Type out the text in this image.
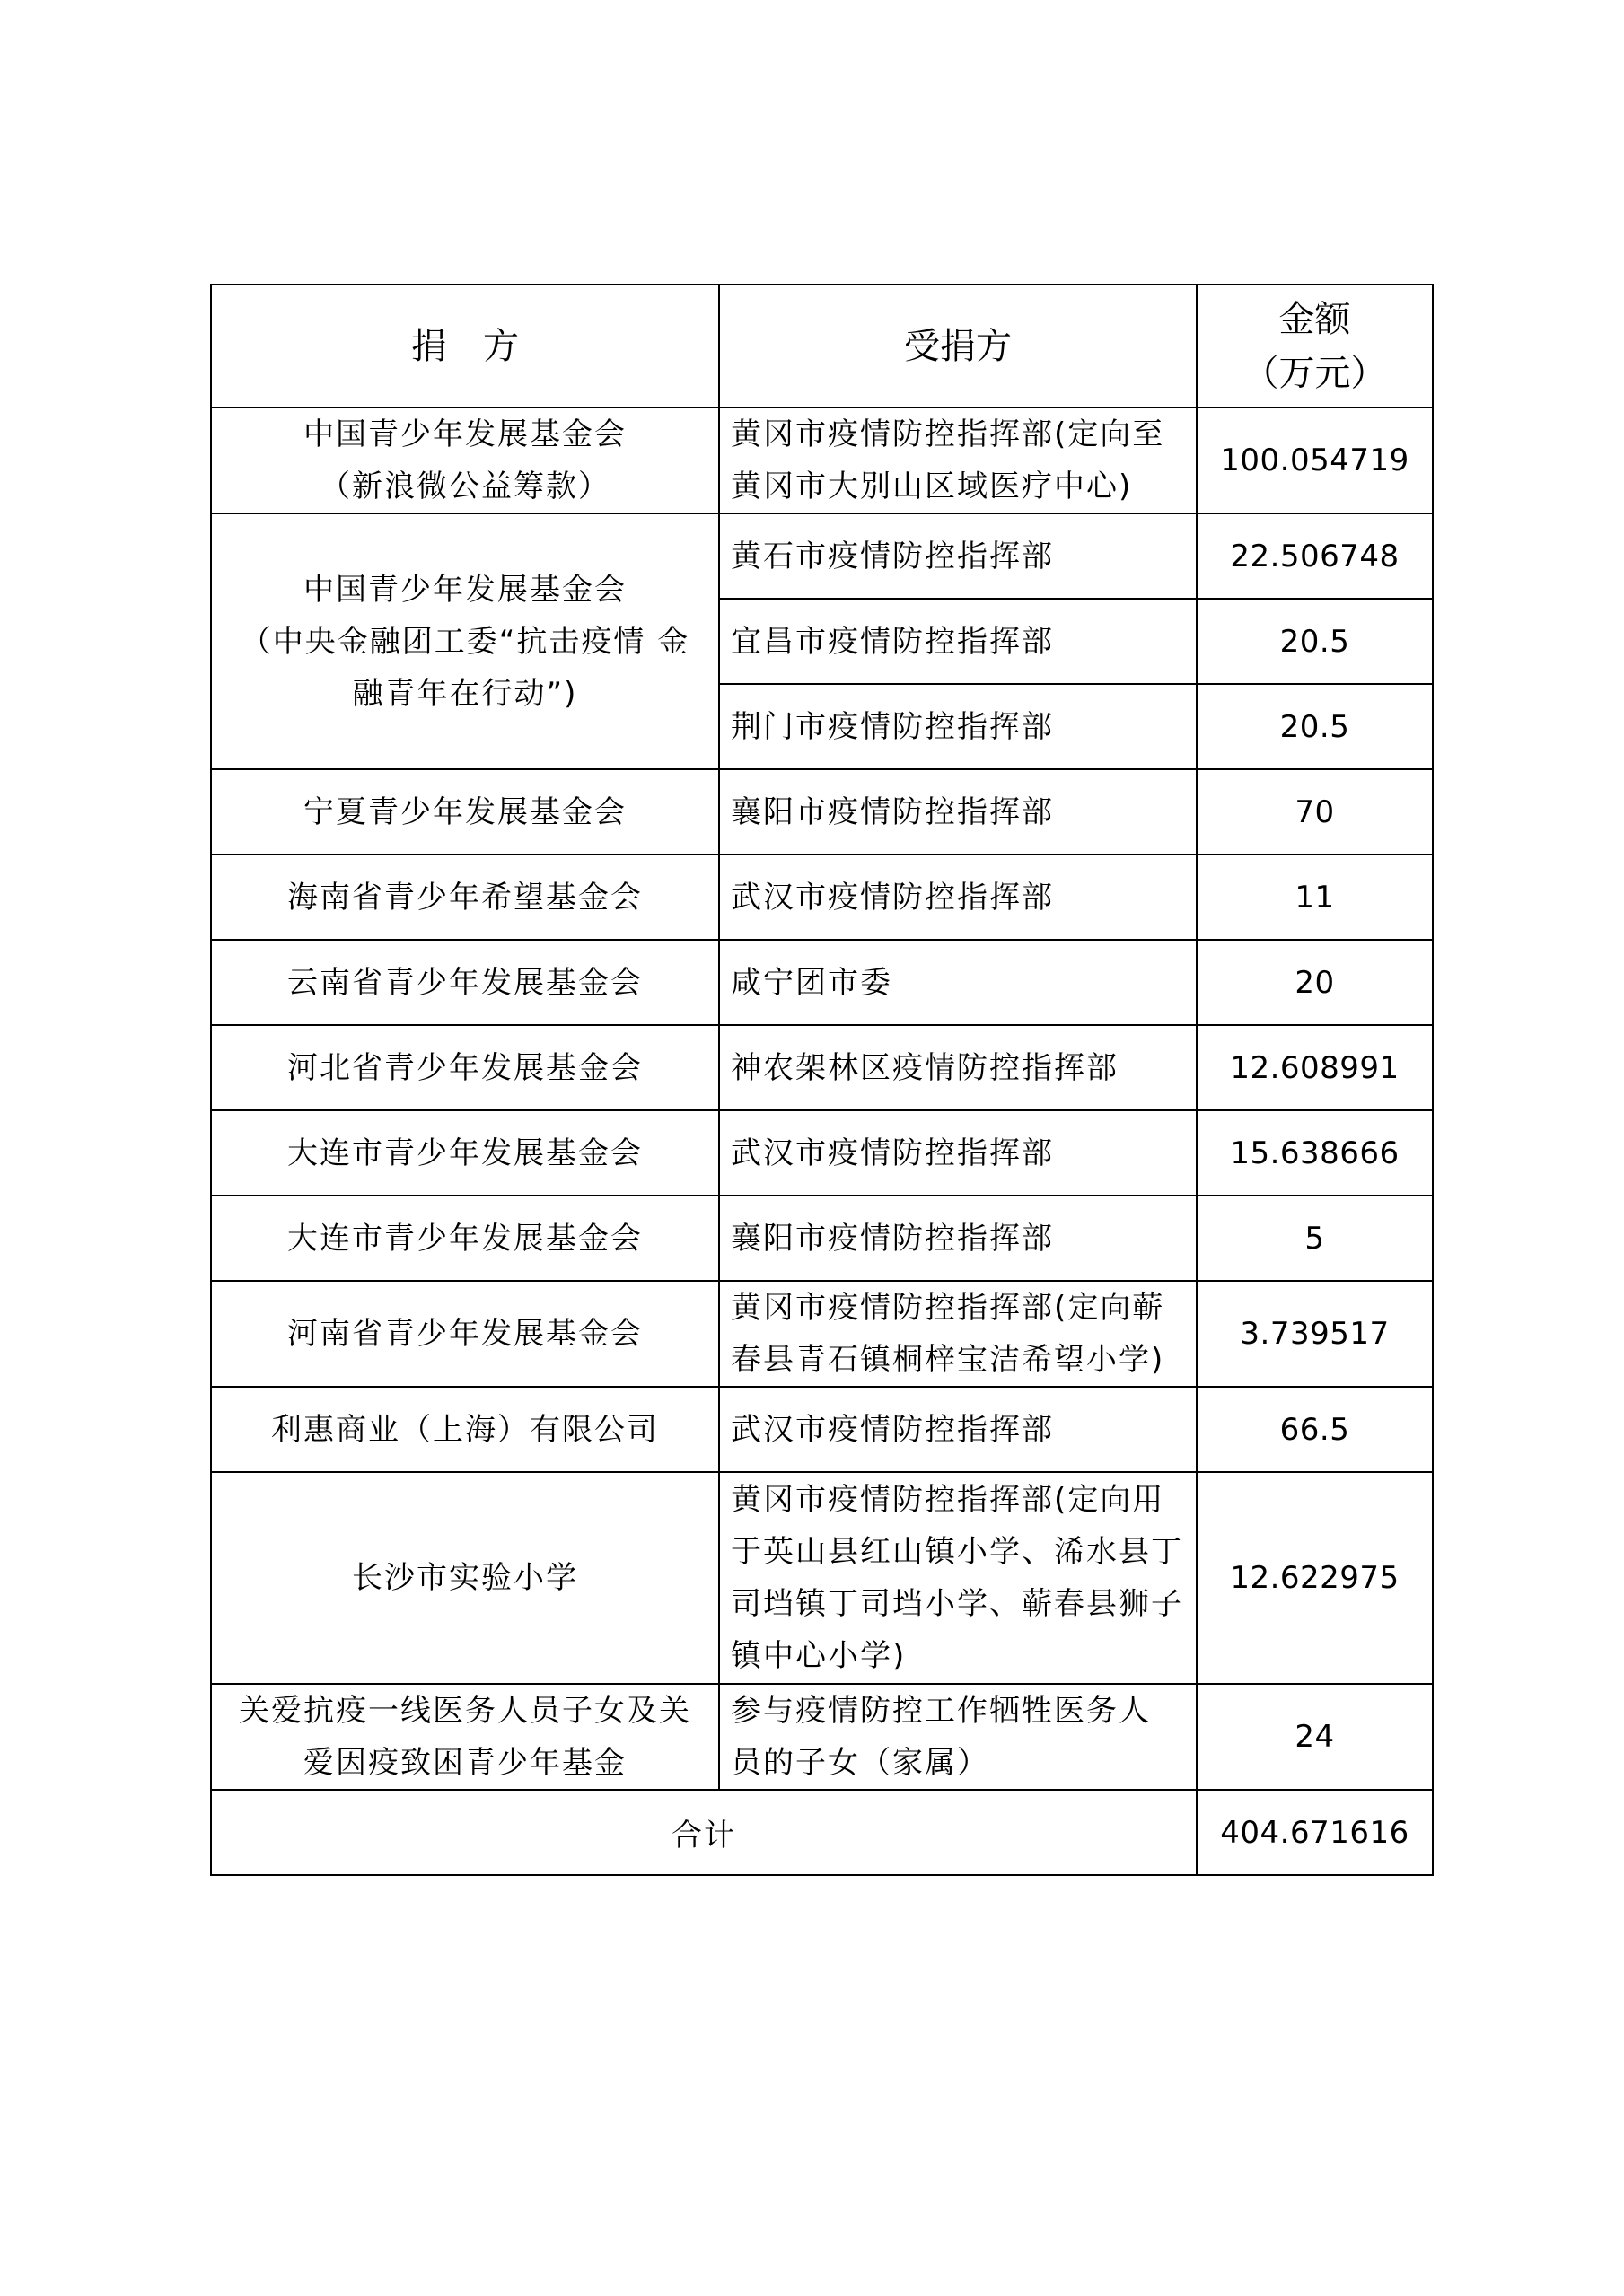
捐　方	受捐方	金额
（万元）

中国青少年发展基金会
（新浪微公益筹款）	黄冈市疫情防控指挥部(定向至
黄冈市大别山区域医疗中心)	100.054719

中国青少年发展基金会
（中央金融团工委“抗击疫情 金
融青年在行动”)	黄石市疫情防控指挥部	22.506748
	宜昌市疫情防控指挥部	20.5
	荆门市疫情防控指挥部	20.5
宁夏青少年发展基金会	襄阳市疫情防控指挥部	70
海南省青少年希望基金会	武汉市疫情防控指挥部	11
云南省青少年发展基金会	咸宁团市委	20
河北省青少年发展基金会	神农架林区疫情防控指挥部	12.608991
大连市青少年发展基金会	武汉市疫情防控指挥部	15.638666
大连市青少年发展基金会	襄阳市疫情防控指挥部	5
河南省青少年发展基金会	黄冈市疫情防控指挥部(定向蕲
春县青石镇桐梓宝洁希望小学)	3.739517
利惠商业（上海）有限公司	武汉市疫情防控指挥部	66.5
长沙市实验小学	黄冈市疫情防控指挥部(定向用
于英山县红山镇小学、浠水县丁
司垱镇丁司垱小学、蕲春县狮子
镇中心小学)	12.622975

关爱抗疫一线医务人员子女及关
爱因疫致困青少年基金	参与疫情防控工作牺牲医务人
员的子女（家属）	24
合计		404.671616
